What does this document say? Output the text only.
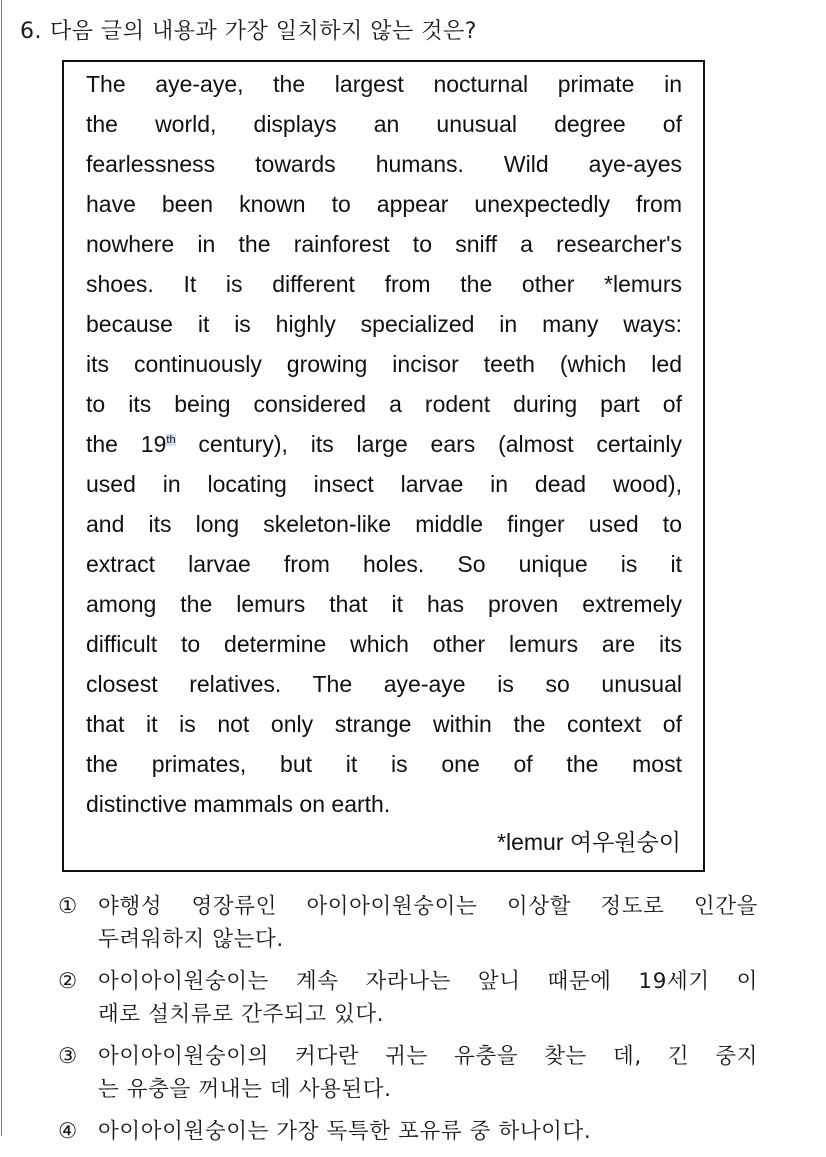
6. 다음 글의 내용과 가장 일치하지 않는 것은?
The aye-aye, the largest nocturnal primate in
the world, displays an unusual degree of
fearlessness towards humans. Wild aye-ayes
have been known to appear unexpectedly from
nowhere in the rainforest to sniff a researcher's
shoes. It is different from the other *lemurs
because it is highly specialized in many ways:
its continuously growing incisor teeth (which led
to its being considered a rodent during part of
the 19th century), its large ears (almost certainly
used in locating insect larvae in dead wood),
and its long skeleton-like middle finger used to
extract larvae from holes. So unique is it
among the lemurs that it has proven extremely
difficult to determine which other lemurs are its
closest relatives. The aye-aye is so unusual
that it is not only strange within the context of
the primates, but it is one of the most
distinctive mammals on earth.
*lemur 여우원숭이
① 야행성 영장류인 아이아이원숭이는 이상할 정도로 인간을
두려워하지 않는다.
② 아이아이원숭이는 계속 자라나는 앞니 때문에 19세기 이
래로 설치류로 간주되고 있다.
③ 아이아이원숭이의 커다란 귀는 유충을 찾는 데, 긴 중지
는 유충을 꺼내는 데 사용된다.
④ 아이아이원숭이는 가장 독특한 포유류 중 하나이다.
